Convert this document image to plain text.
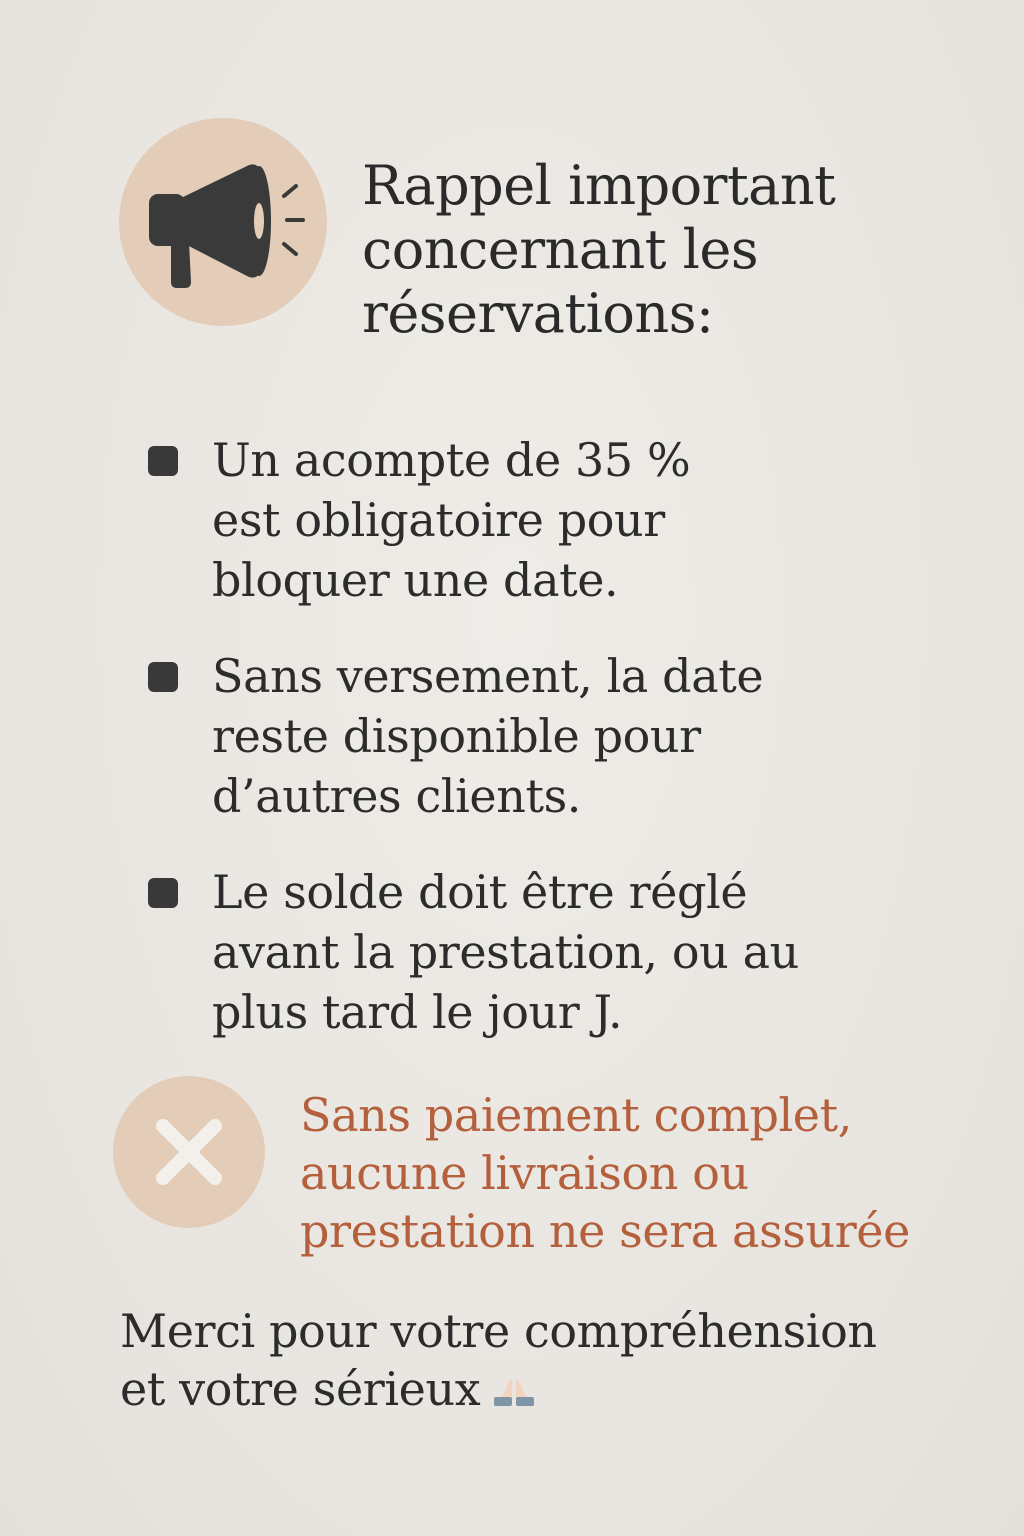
Rappel important
concernant les
réservations:
Un acompte de 35 %
est obligatoire pour
bloquer une date.
Sans versement, la date
reste disponible pour
d’autres clients.
Le solde doit être réglé
avant la prestation, ou au
plus tard le jour J.
Sans paiement complet,
aucune livraison ou
prestation ne sera assurée
Merci pour votre compréhension
et votre sérieux
